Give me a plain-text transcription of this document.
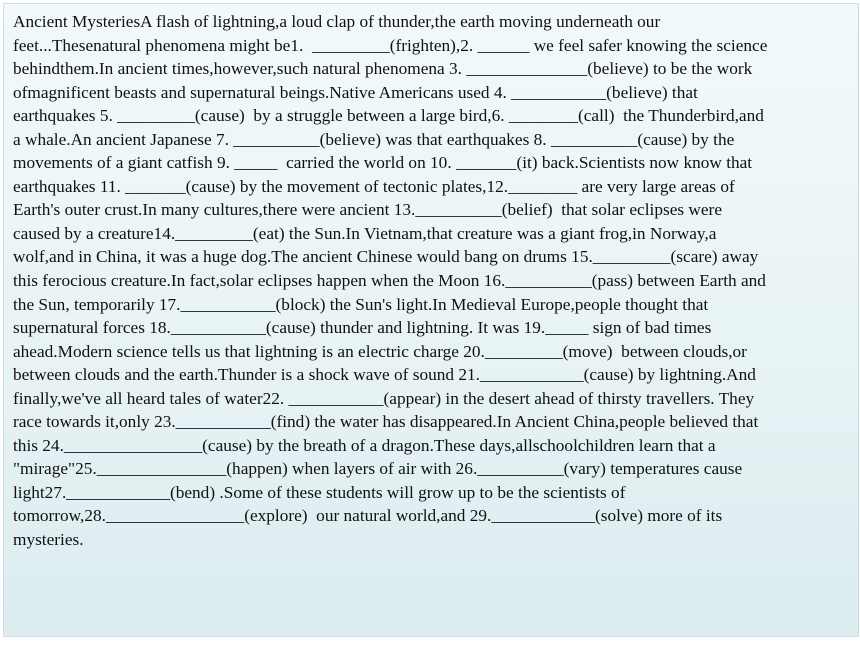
Ancient MysteriesA flash of lightning,a loud clap of thunder,the earth moving underneath our
feet...Thesenatural phenomena might be1.  _________(frighten),2. ______ we feel safer knowing the science
behindthem.In ancient times,however,such natural phenomena 3. ______________(believe) to be the work
ofmagnificent beasts and supernatural beings.Native Americans used 4. ___________(believe) that
earthquakes 5. _________(cause)  by a struggle between a large bird,6. ________(call)  the Thunderbird,and
a whale.An ancient Japanese 7. __________(believe) was that earthquakes 8. __________(cause) by the
movements of a giant catfish 9. _____  carried the world on 10. _______(it) back.Scientists now know that
earthquakes 11. _______(cause) by the movement of tectonic plates,12.________ are very large areas of
Earth's outer crust.In many cultures,there were ancient 13.__________(belief)  that solar eclipses were
caused by a creature14._________(eat) the Sun.In Vietnam,that creature was a giant frog,in Norway,a
wolf,and in China, it was a huge dog.The ancient Chinese would bang on drums 15._________(scare) away
this ferocious creature.In fact,solar eclipses happen when the Moon 16.__________(pass) between Earth and
the Sun, temporarily 17.___________(block) the Sun's light.In Medieval Europe,people thought that
supernatural forces 18.___________(cause) thunder and lightning. It was 19._____ sign of bad times
ahead.Modern science tells us that lightning is an electric charge 20._________(move)  between clouds,or
between clouds and the earth.Thunder is a shock wave of sound 21.____________(cause) by lightning.And
finally,we've all heard tales of water22. ___________(appear) in the desert ahead of thirsty travellers. They
race towards it,only 23.___________(find) the water has disappeared.In Ancient China,people believed that
this 24.________________(cause) by the breath of a dragon.These days,allschoolchildren learn that a
"mirage"25._______________(happen) when layers of air with 26.__________(vary) temperatures cause
light27.____________(bend) .Some of these students will grow up to be the scientists of
tomorrow,28.________________(explore)  our natural world,and 29.____________(solve) more of its
mysteries.
